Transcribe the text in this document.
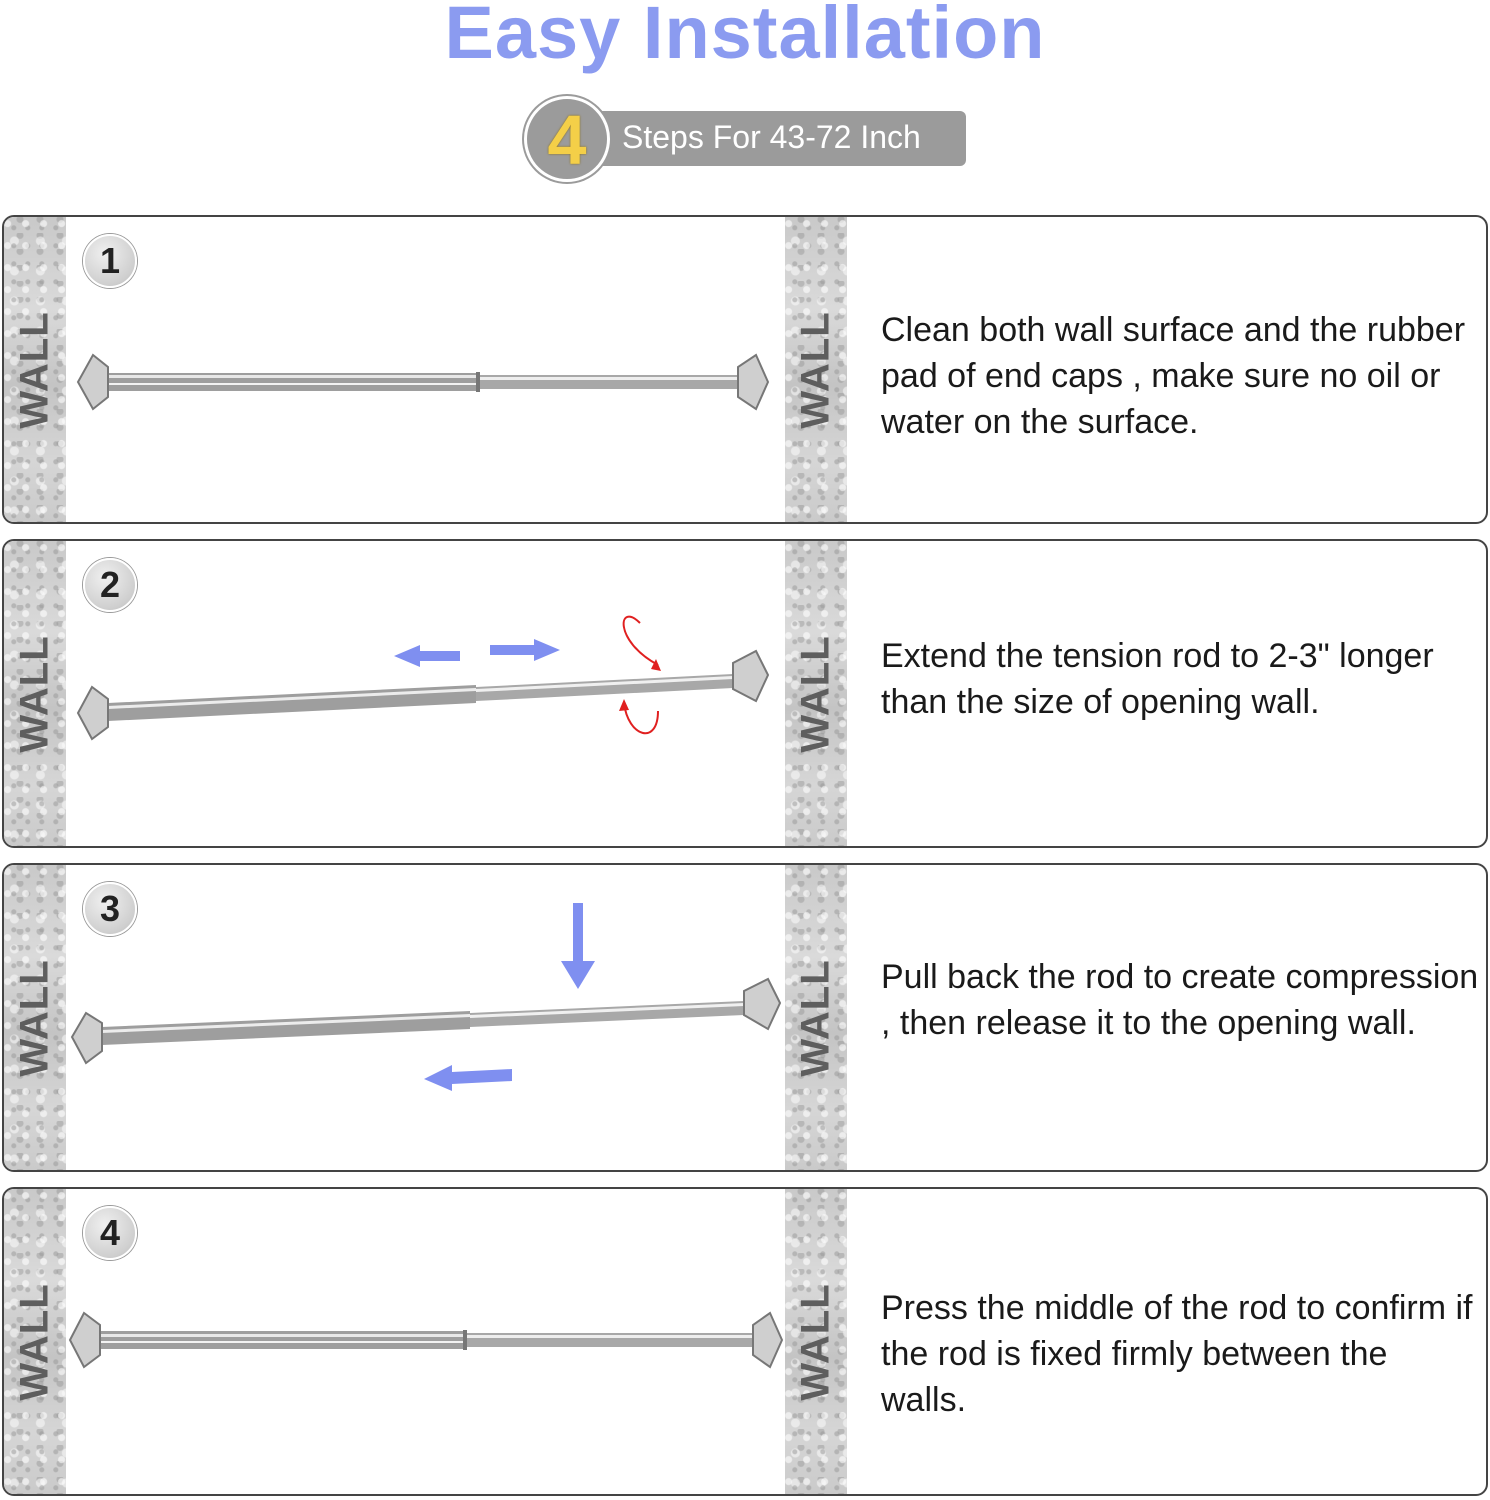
Easy Installation
Steps For 43-72 Inch
4
WALL	WALL
1
Clean both wall surface and the rubber pad of end caps , make sure no oil or water on the surface.
WALL	WALL
2
Extend the tension rod to 2-3" longer than the size of opening wall.
WALL	WALL
3
Pull back the rod to create compression , then release it to the opening wall.
WALL	WALL
4
Press the middle of the rod to confirm if the rod is fixed firmly between the walls.
